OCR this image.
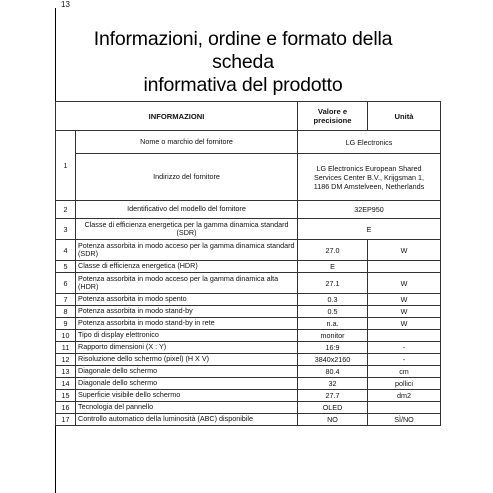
13
Informazioni, ordine e formato della scheda
informativa del prodotto
INFORMAZIONI		Valore e precisione	Unità
1	Nome o marchio del fornitore	LG Electronics	
	Indirizzo del fornitore	LG Electronics European Shared
Services Center B.V., Krijgsman 1,
1186 DM Amstelveen, Netherlands	

2	Identificativo del modello del fornitore	32EP950	
3	Classe di efficienza energetica per la gamma dinamica standard (SDR)	E	
4	Potenza assorbita in modo acceso per la gamma dinamica standard (SDR)	27.0	W
5	Classe di efficienza energetica (HDR)	E	
6	Potenza assorbita in modo acceso per la gamma dinamica alta (HDR)	27.1	W
7	Potenza assorbita in modo spento	0.3	W
8	Potenza assorbita in modo stand-by	0.5	W
9	Potenza assorbita in modo stand-by in rete	n.a.	W
10	Tipo di display elettronico	monitor	
11	Rapporto dimensioni (X : Y)	16:9	-
12	Risoluzione dello schermo (pixel) (H X V)	3840x2160	-
13	Diagonale dello schermo	80.4	cm
14	Diagonale dello schermo	32	pollici
15	Superficie visibile dello schermo	27.7	dm2
16	Tecnologia del pannello	OLED	
17	Controllo automatico della luminosità (ABC) disponibile	NO	SÌ/NO
